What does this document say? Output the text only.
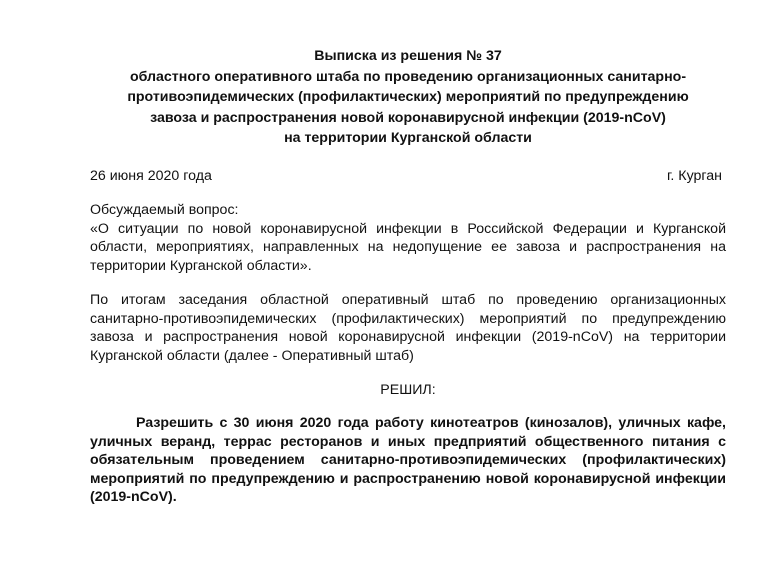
Выписка из решения № 37
областного оперативного штаба по проведению организационных санитарно-
противоэпидемических (профилактических) мероприятий по предупреждению
завоза и распространения новой коронавирусной инфекции (2019-nCoV)
на территории Курганской области
26 июня 2020 года	г. Курган
Обсуждаемый вопрос:
«О ситуации по новой коронавирусной инфекции в Российской Федерации и Курганской области, мероприятиях, направленных на недопущение ее завоза и распространения на территории Курганской области».
По итогам заседания областной оперативный штаб по проведению организационных санитарно-противоэпидемических (профилактических) мероприятий по предупреждению завоза и распространения новой коронавирусной инфекции (2019-nCoV) на территории Курганской области (далее - Оперативный штаб)
РЕШИЛ:
Разрешить с 30 июня 2020 года работу кинотеатров (кинозалов), уличных кафе, уличных веранд, террас ресторанов и иных предприятий общественного питания с обязательным проведением санитарно-противоэпидемических (профилактических) мероприятий по предупреждению и распространению новой коронавирусной инфекции (2019-nCoV).
